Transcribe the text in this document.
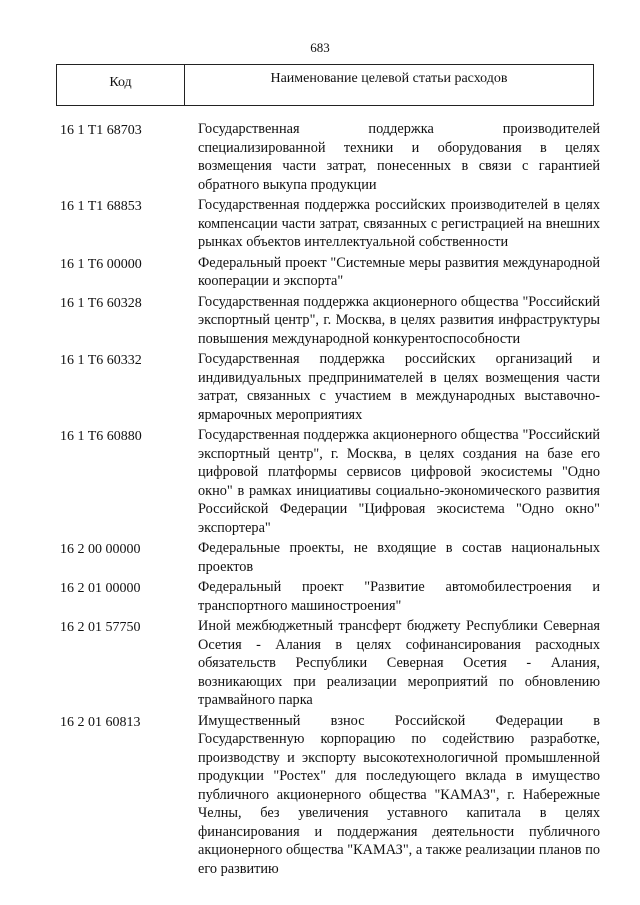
683
Код	Наименование целевой статьи расходов
16 1 T1 68703	Государственная поддержка производителей специализированной техники и оборудования в целях возмещения части затрат, понесенных в связи с гарантией обратного выкупа продукции
16 1 T1 68853	Государственная поддержка российских производителей в целях компенсации части затрат, связанных с регистрацией на внешних рынках объектов интеллектуальной собственности
16 1 T6 00000	Федеральный проект "Системные меры развития международной кооперации и экспорта"
16 1 T6 60328	Государственная поддержка акционерного общества "Российский экспортный центр", г. Москва, в целях развития инфраструктуры повышения международной конкурентоспособности
16 1 T6 60332	Государственная поддержка российских организаций и индивидуальных предпринимателей в целях возмещения части затрат, связанных с участием в международных выставочно-ярмарочных мероприятиях
16 1 T6 60880	Государственная поддержка акционерного общества "Российский экспортный центр", г. Москва, в целях создания на базе его цифровой платформы сервисов цифровой экосистемы "Одно окно" в рамках инициативы социально-экономического развития Российской Федерации "Цифровая экосистема "Одно окно" экспортера"
16 2 00 00000	Федеральные проекты, не входящие в состав национальных проектов
16 2 01 00000	Федеральный проект "Развитие автомобилестроения и транспортного машиностроения"
16 2 01 57750	Иной межбюджетный трансферт бюджету Республики Северная Осетия - Алания в целях софинансирования расходных обязательств Республики Северная Осетия - Алания, возникающих при реализации мероприятий по обновлению трамвайного парка
16 2 01 60813	Имущественный взнос Российской Федерации в Государственную корпорацию по содействию разработке, производству и экспорту высокотехнологичной промышленной продукции "Ростех" для последующего вклада в имущество публичного акционерного общества "КАМАЗ", г. Набережные Челны, без увеличения уставного капитала в целях финансирования и поддержания деятельности публичного акционерного общества "КАМАЗ", а также реализации планов по его развитию
